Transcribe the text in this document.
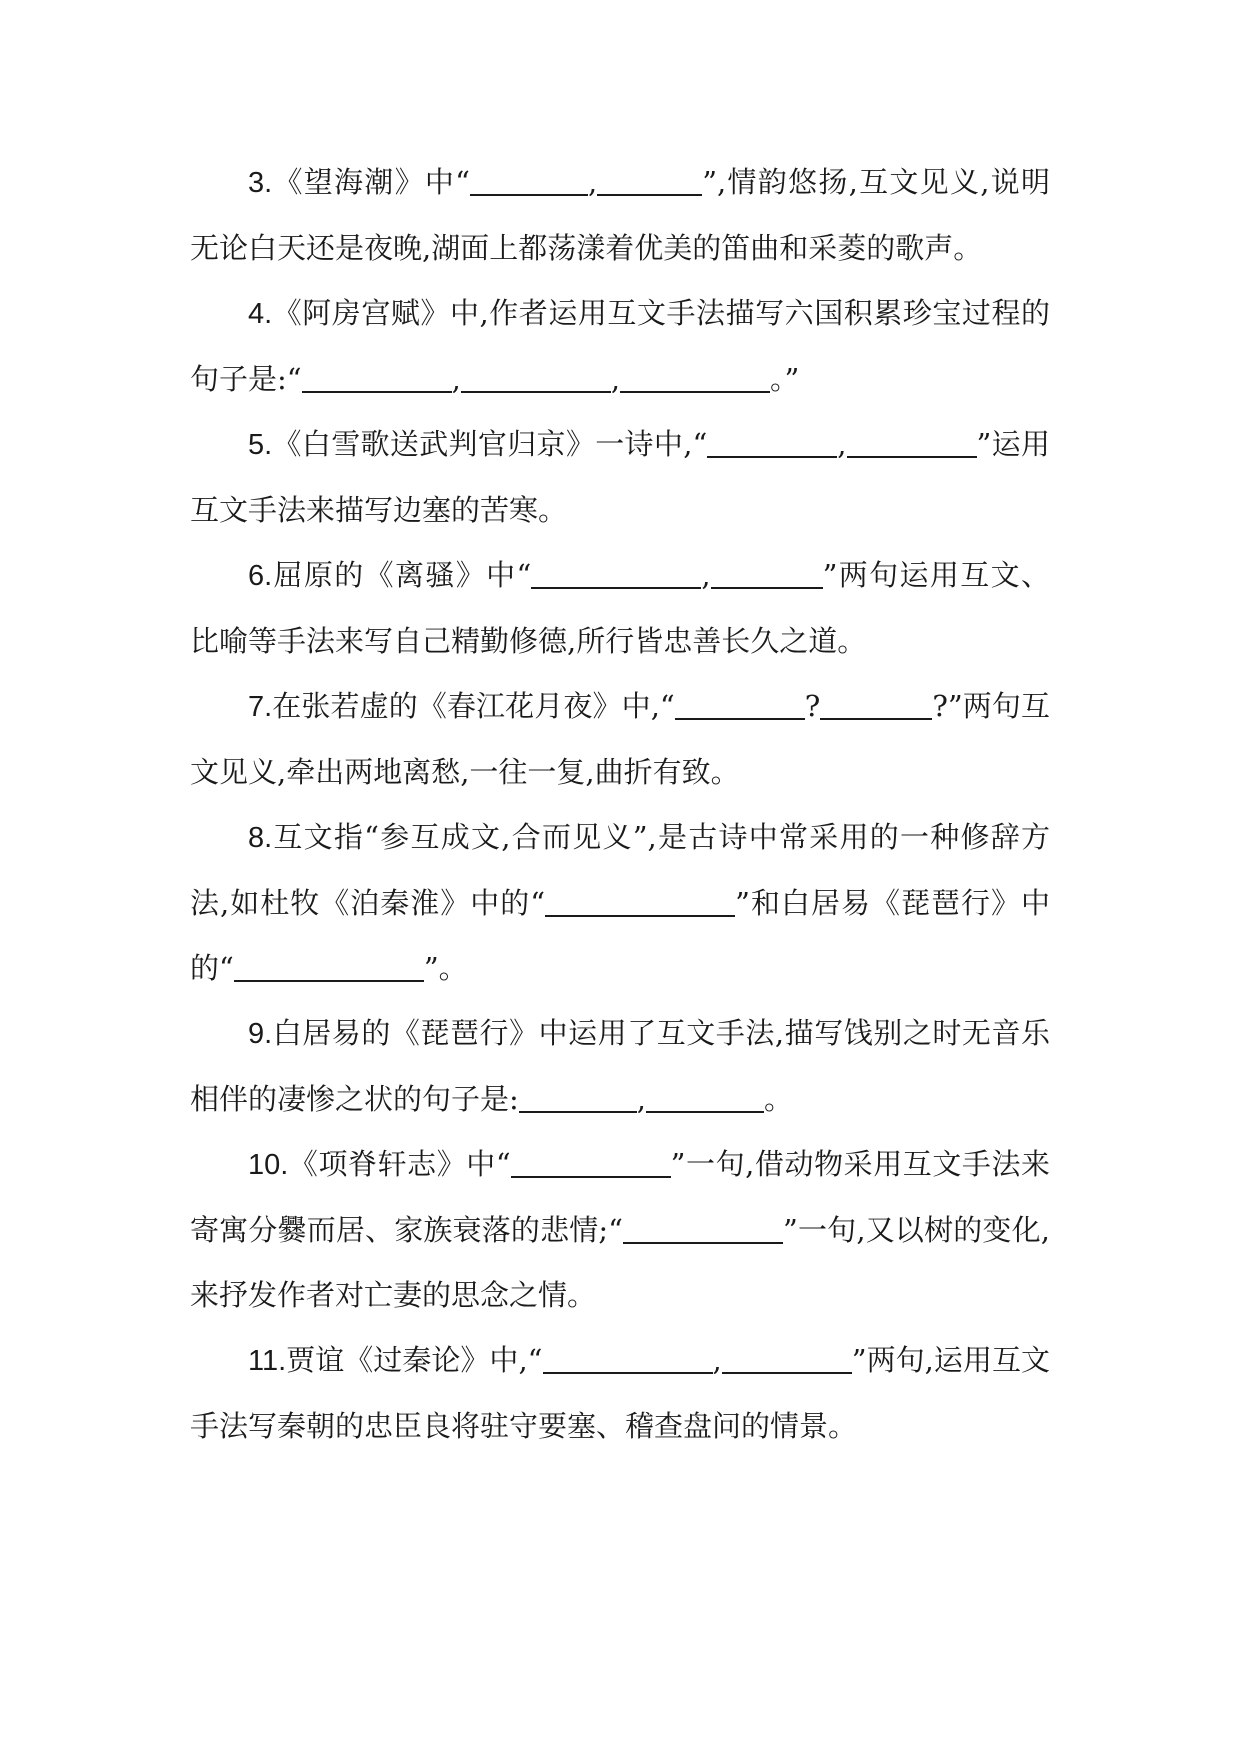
3.《望海潮》中“	,	”,情韵悠扬,互文见义,说明无论白天还是夜晚,湖面上都荡漾着优美的笛曲和采菱的歌声。

4.《阿房宫赋》中,作者运用互文手法描写六国积累珍宝过程的句子是:“	,	,	。”

5.《白雪歌送武判官归京》一诗中,“	,	”运用互文手法来描写边塞的苦寒。

6.屈原的《离骚》中“	,	”两句运用互文、比喻等手法来写自己精勤修德,所行皆忠善长久之道。

7.在张若虚的《春江花月夜》中,“	?	?”两句互文见义,牵出两地离愁,一往一复,曲折有致。

8.互文指“参互成文,合而见义”,是古诗中常采用的一种修辞方法,如杜牧《泊秦淮》中的“	”和白居易《琵琶行》中的“	”。

9.白居易的《琵琶行》中运用了互文手法,描写饯别之时无音乐相伴的凄惨之状的句子是:	,	。

10.《项脊轩志》中“	”一句,借动物采用互文手法来寄寓分爨而居、家族衰落的悲情;“	”一句,又以树的变化,来抒发作者对亡妻的思念之情。

11.贾谊《过秦论》中,“	,	”两句,运用互文手法写秦朝的忠臣良将驻守要塞、稽查盘问的情景。
